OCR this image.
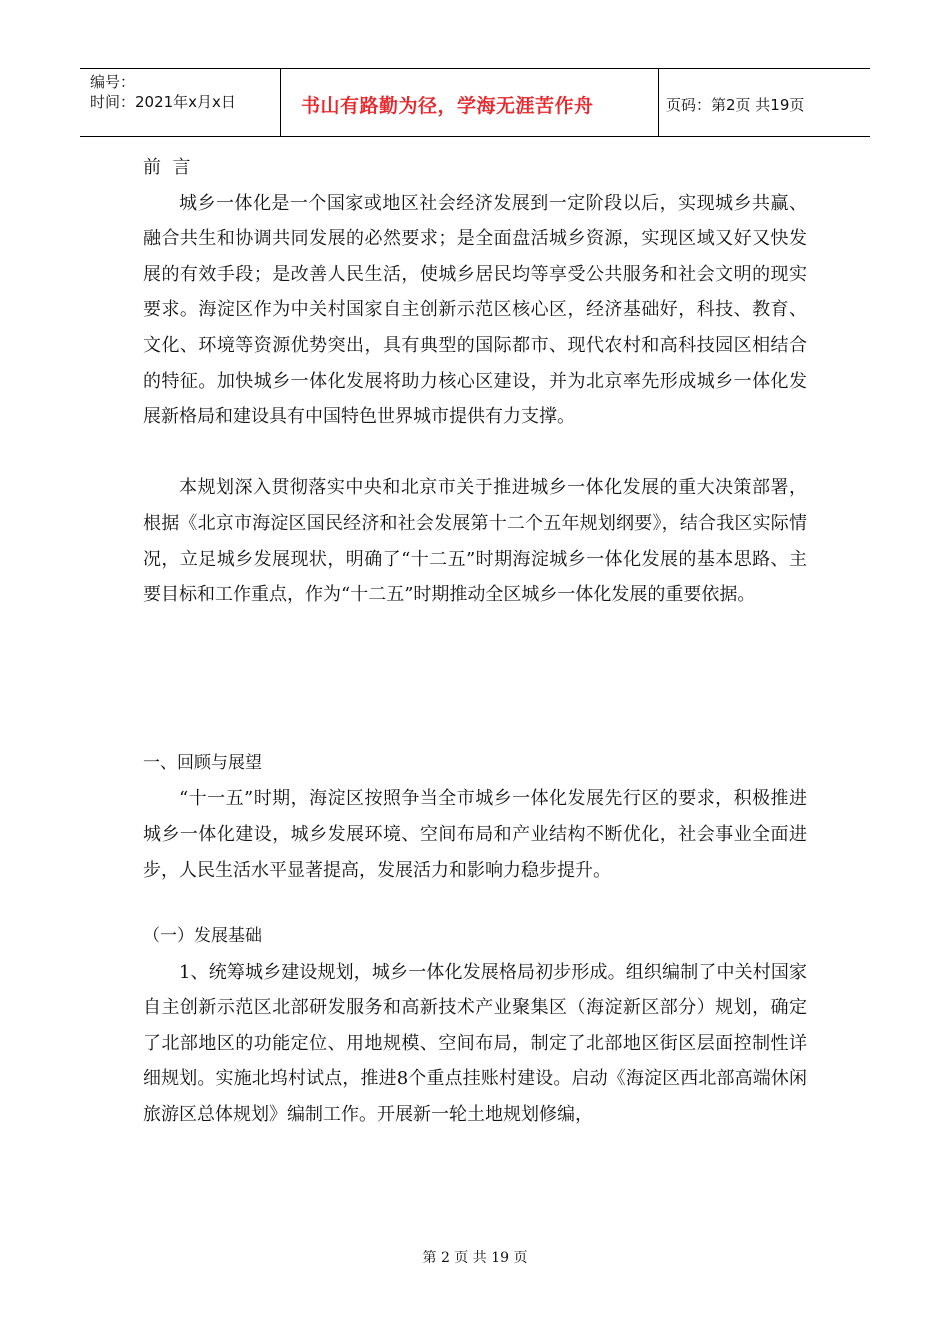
编号：
时间：2021年x月x日	书山有路勤为径，学海无涯苦作舟	页码：第2页 共19页

前  言

城乡一体化是一个国家或地区社会经济发展到一定阶段以后，实现城乡共赢、融合共生和协调共同发展的必然要求；是全面盘活城乡资源，实现区域又好又快发展的有效手段；是改善人民生活，使城乡居民均等享受公共服务和社会文明的现实要求。海淀区作为中关村国家自主创新示范区核心区，经济基础好，科技、教育、文化、环境等资源优势突出，具有典型的国际都市、现代农村和高科技园区相结合的特征。加快城乡一体化发展将助力核心区建设，并为北京率先形成城乡一体化发展新格局和建设具有中国特色世界城市提供有力支撑。

本规划深入贯彻落实中央和北京市关于推进城乡一体化发展的重大决策部署，根据《北京市海淀区国民经济和社会发展第十二个五年规划纲要》，结合我区实际情况，立足城乡发展现状，明确了“十二五”时期海淀城乡一体化发展的基本思路、主要目标和工作重点，作为“十二五”时期推动全区城乡一体化发展的重要依据。

一、回顾与展望

“十一五”时期，海淀区按照争当全市城乡一体化发展先行区的要求，积极推进城乡一体化建设，城乡发展环境、空间布局和产业结构不断优化，社会事业全面进步，人民生活水平显著提高，发展活力和影响力稳步提升。

（一）发展基础

1、统筹城乡建设规划，城乡一体化发展格局初步形成。组织编制了中关村国家自主创新示范区北部研发服务和高新技术产业聚集区（海淀新区部分）规划，确定了北部地区的功能定位、用地规模、空间布局，制定了北部地区街区层面控制性详细规划。实施北坞村试点，推进8个重点挂账村建设。启动《海淀区西北部高端休闲旅游区总体规划》编制工作。开展新一轮土地规划修编，

第 2 页 共 19 页
